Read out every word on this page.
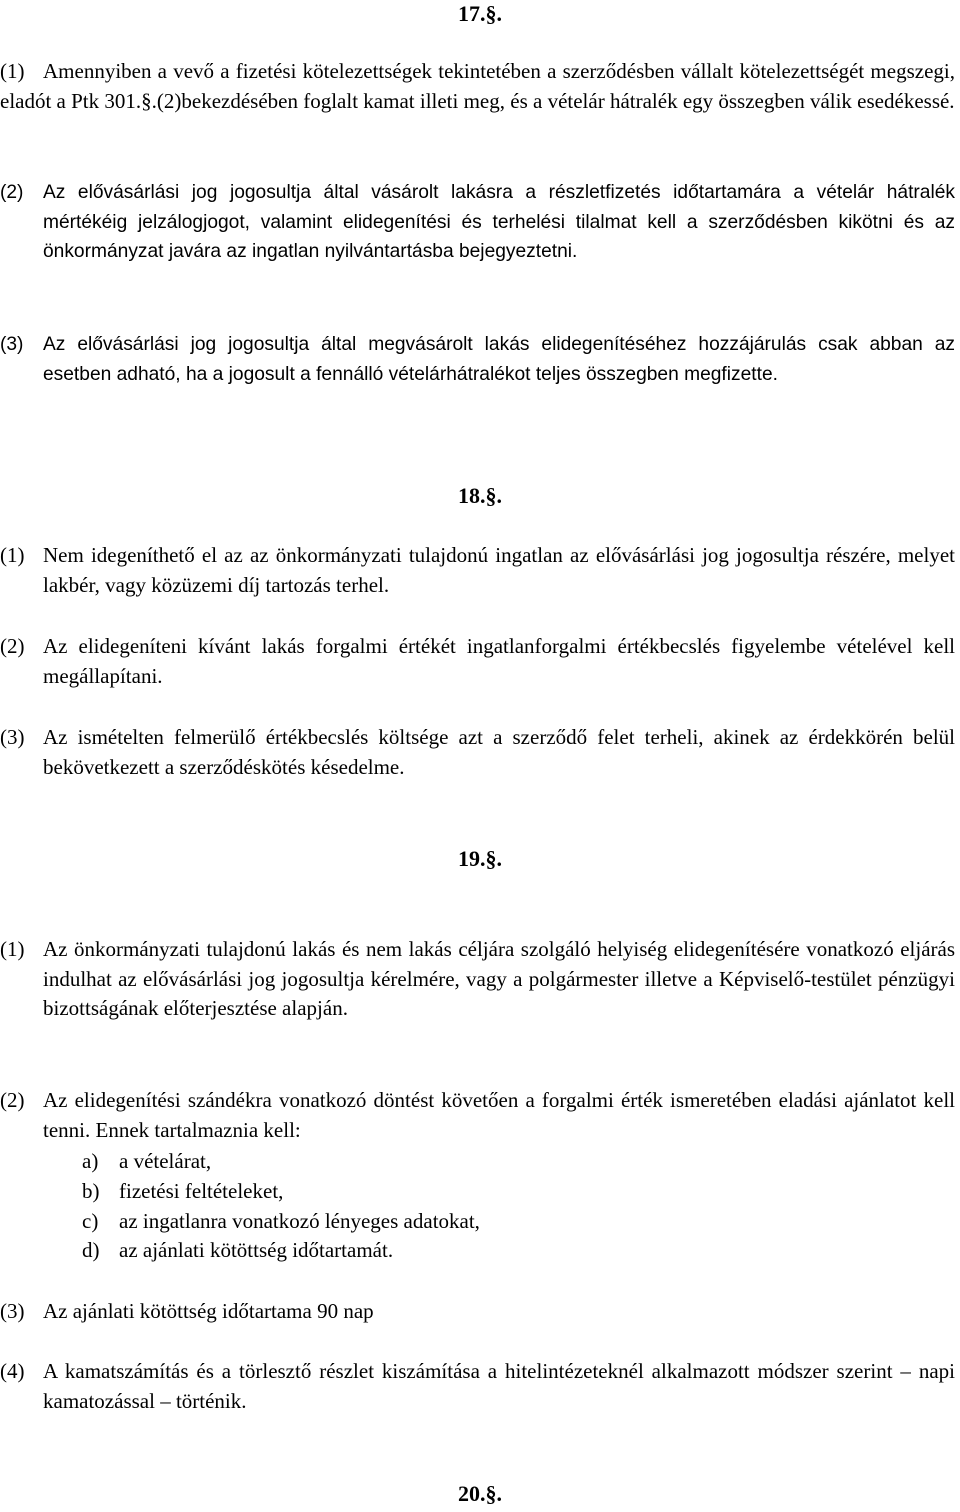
17.§.
(1) Amennyiben a vevő a fizetési kötelezettségek tekintetében a szerződésben vállalt kötelezettségét megszegi, eladót a Ptk 301.§.(2)bekezdésében foglalt kamat illeti meg, és a vételár hátralék egy összegben válik esedékessé.
(2)	Az elővásárlási jog jogosultja által vásárolt lakásra a részletfizetés időtartamára a vételár hátralék mértékéig jelzálogjogot, valamint elidegenítési és terhelési tilalmat kell a szerződésben kikötni és az önkormányzat javára az ingatlan nyilvántartásba bejegyeztetni.
(3)	Az elővásárlási jog jogosultja által megvásárolt lakás elidegenítéséhez hozzájárulás csak abban az esetben adható, ha a jogosult a fennálló vételárhátralékot teljes összegben megfizette.
18.§.
(1) Nem idegeníthető el az az önkormányzati tulajdonú ingatlan az elővásárlási jog jogosultja részére, melyet lakbér, vagy közüzemi díj tartozás terhel.
(2) Az elidegeníteni kívánt lakás forgalmi értékét ingatlanforgalmi értékbecslés figyelembe vételével kell megállapítani.
(3) Az ismételten felmerülő értékbecslés költsége azt a szerződő felet terheli, akinek az érdekkörén belül bekövetkezett a szerződéskötés késedelme.
19.§.
(1) Az önkormányzati tulajdonú lakás és nem lakás céljára szolgáló helyiség elidegenítésére vonatkozó eljárás indulhat az elővásárlási jog jogosultja kérelmére, vagy a polgármester illetve a Képviselő-testület pénzügyi bizottságának előterjesztése alapján.
(2) Az elidegenítési szándékra vonatkozó döntést követően a forgalmi érték ismeretében eladási ajánlatot kell tenni. Ennek tartalmaznia kell:
a) a vételárat,
b) fizetési feltételeket,
c) az ingatlanra vonatkozó lényeges adatokat,
d) az ajánlati kötöttség időtartamát.
(3) Az ajánlati kötöttség időtartama 90 nap
(4) A kamatszámítás és a törlesztő részlet kiszámítása a hitelintézeteknél alkalmazott módszer szerint – napi kamatozással – történik.
20.§.
